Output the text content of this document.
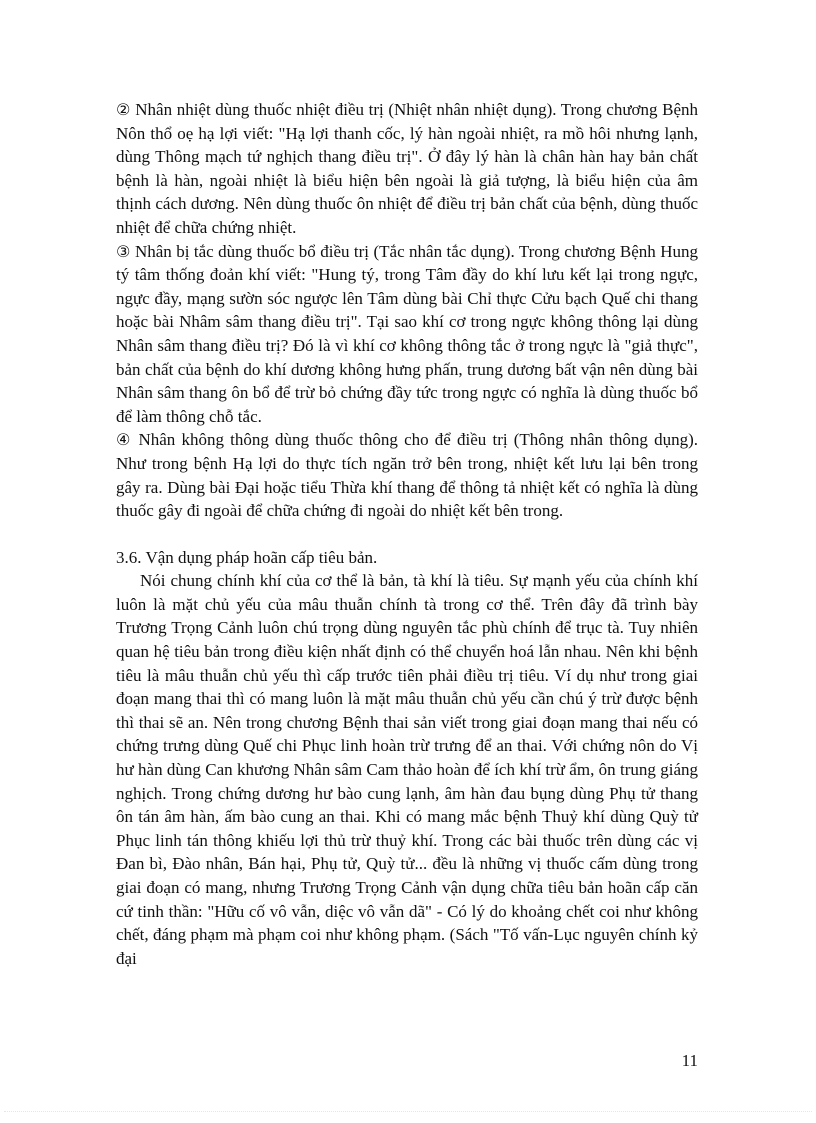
② Nhân nhiệt dùng thuốc nhiệt điều trị (Nhiệt nhân nhiệt dụng). Trong chương Bệnh Nôn thổ oẹ hạ lợi viết: "Hạ lợi thanh cốc, lý hàn ngoài nhiệt, ra mồ hôi nhưng lạnh, dùng Thông mạch tứ nghịch thang điều trị". Ở đây lý hàn là chân hàn hay bản chất bệnh là hàn, ngoài nhiệt là biểu hiện bên ngoài là giả tượng, là biểu hiện của âm thịnh cách dương. Nên dùng thuốc ôn nhiệt để điều trị bản chất của bệnh, dùng thuốc nhiệt để chữa chứng nhiệt.

③ Nhân bị tắc dùng thuốc bổ điều trị (Tắc nhân tắc dụng). Trong chương Bệnh Hung tý tâm thống đoản khí viết: "Hung tý, trong Tâm đầy do khí lưu kết lại trong ngực, ngực đầy, mạng sườn sóc ngược lên Tâm dùng bài Chỉ thực Cửu bạch Quế chi thang hoặc bài Nhâm sâm thang điều trị". Tại sao khí cơ trong ngực không thông lại dùng Nhân sâm thang điều trị? Đó là vì khí cơ không thông tắc ở trong ngực là "giả thực", bản chất của bệnh do khí dương không hưng phấn, trung dương bất vận nên dùng bài Nhân sâm thang ôn bổ để trừ bỏ chứng đầy tức trong ngực có nghĩa là dùng thuốc bổ để làm thông chỗ tắc.

④ Nhân không thông dùng thuốc thông cho để điều trị (Thông nhân thông dụng). Như trong bệnh Hạ lợi do thực tích ngăn trở bên trong, nhiệt kết lưu lại bên trong gây ra. Dùng bài Đại hoặc tiểu Thừa khí thang để thông tả nhiệt kết có nghĩa là dùng thuốc gây đi ngoài để chữa chứng đi ngoài do nhiệt kết bên trong.

3.6. Vận dụng pháp hoãn cấp tiêu bản.

Nói chung chính khí của cơ thể là bản, tà khí là tiêu. Sự mạnh yếu của chính khí luôn là mặt chủ yếu của mâu thuẫn chính tà trong cơ thể. Trên đây đã trình bày Trương Trọng Cảnh luôn chú trọng dùng nguyên tắc phù chính để trục tà. Tuy nhiên quan hệ tiêu bản trong điều kiện nhất định có thể chuyển hoá lẫn nhau. Nên khi bệnh tiêu là mâu thuẫn chủ yếu thì cấp trước tiên phải điều trị tiêu. Ví dụ như trong giai đoạn mang thai thì có mang luôn là mặt mâu thuẫn chủ yếu cần chú ý trừ được bệnh thì thai sẽ an. Nên trong chương Bệnh thai sản viết trong giai đoạn mang thai nếu có chứng trưng dùng Quế chi Phục linh hoàn trừ trưng để an thai. Với chứng nôn do Vị hư hàn dùng Can khương Nhân sâm Cam thảo hoàn để ích khí trừ ẩm, ôn trung giáng nghịch. Trong chứng dương hư bào cung lạnh, âm hàn đau bụng dùng Phụ tử thang ôn tán âm hàn, ấm bào cung an thai. Khi có mang mắc bệnh Thuỷ khí dùng Quỳ tử Phục linh tán thông khiếu lợi thủ trừ thuỷ khí. Trong các bài thuốc trên dùng các vị Đan bì, Đào nhân, Bán hại, Phụ tử, Quỳ tử... đều là những vị thuốc cấm dùng trong giai đoạn có mang, nhưng Trương Trọng Cảnh vận dụng chữa tiêu bản hoãn cấp căn cứ tinh thần: "Hữu cố vô vẫn, diệc vô vẫn dã" - Có lý do khoảng chết coi như không chết, đáng phạm mà phạm coi như không phạm. (Sách "Tố vấn-Lục nguyên chính kỷ đại

11
